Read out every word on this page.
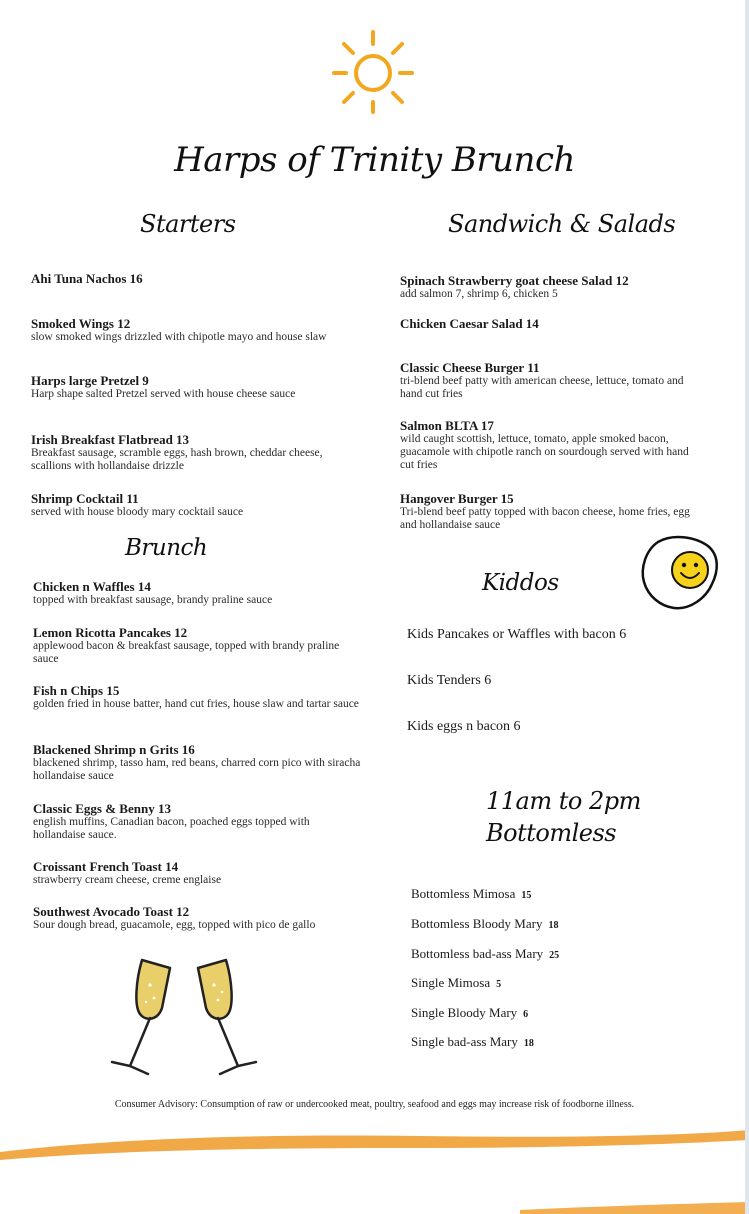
Harps of Trinity Brunch
Starters	Sandwich & Salads
Brunch
Kiddos
11am to 2pm
Bottomless
Ahi Tuna Nachos 16
Smoked Wings 12
slow smoked wings drizzled with chipotle mayo and house slaw
Harps large Pretzel 9
Harp shape salted Pretzel served with house cheese sauce
Irish Breakfast Flatbread 13
Breakfast sausage, scramble eggs, hash brown, cheddar cheese, scallions with hollandaise drizzle
Shrimp Cocktail 11
served with house bloody mary cocktail sauce
Chicken n Waffles 14
topped with breakfast sausage, brandy praline sauce
Lemon Ricotta Pancakes 12
applewood bacon & breakfast sausage, topped with brandy praline sauce
Fish n Chips 15
golden fried in house batter, hand cut fries, house slaw and tartar sauce
Blackened Shrimp n Grits 16
blackened shrimp, tasso ham, red beans, charred corn pico with siracha hollandaise sauce
Classic Eggs & Benny 13
english muffins, Canadian bacon, poached eggs topped with hollandaise sauce.
Croissant French Toast 14
strawberry cream cheese, creme englaise
Southwest Avocado Toast 12
Sour dough bread, guacamole, egg, topped with pico de gallo
Spinach Strawberry goat cheese Salad 12
add salmon 7, shrimp 6, chicken 5
Chicken Caesar Salad 14
Classic Cheese Burger 11
tri-blend beef patty with american cheese, lettuce, tomato and hand cut fries
Salmon BLTA 17
wild caught scottish, lettuce, tomato, apple smoked bacon, guacamole with chipotle ranch on sourdough served with hand cut fries
Hangover Burger 15
Tri-blend beef patty topped with bacon cheese, home fries, egg and hollandaise sauce
Kids Pancakes or Waffles with bacon 6
Kids Tenders 6
Kids eggs n bacon 6
Bottomless Mimosa 15
Bottomless Bloody Mary 18
Bottomless bad-ass Mary 25
Single Mimosa 5
Single Bloody Mary 6
Single bad-ass Mary 18
Consumer Advisory: Consumption of raw or undercooked meat, poultry, seafood and eggs may increase risk of foodborne illness.
